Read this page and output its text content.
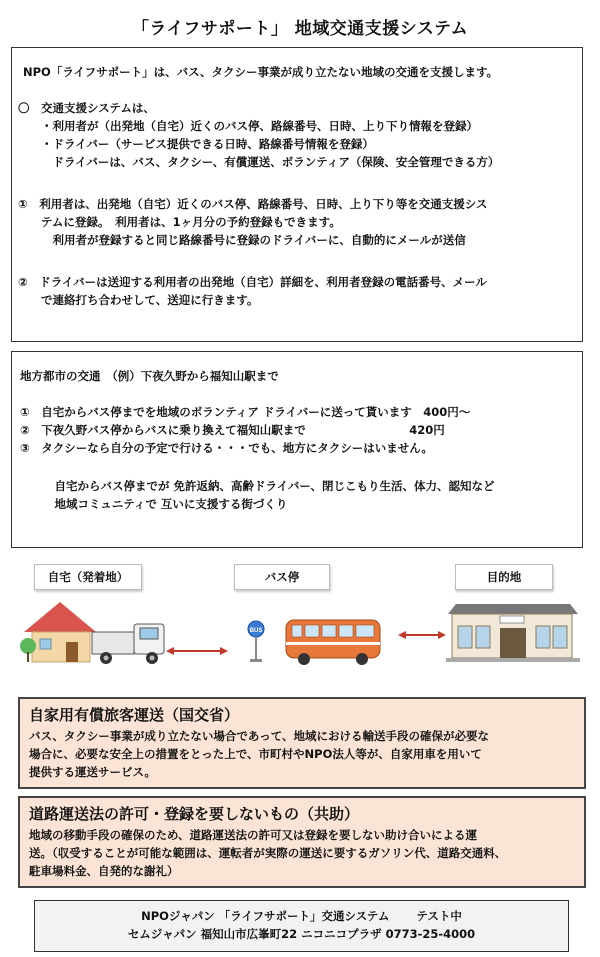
「ライフサポート」 地域交通支援システム
NPO「ライフサポート」は、バス、タクシー事業が成り立たない地域の交通を支援します。
〇　交通支援システムは、
　　・利用者が（出発地（自宅）近くのバス停、路線番号、日時、上り下り情報を登録）
　　・ドライバー（サービス提供できる日時、路線番号情報を登録）
　　　ドライバーは、バス、タクシー、有償運送、ボランティア（保険、安全管理できる方）
①　利用者は、出発地（自宅）近くのバス停、路線番号、日時、上り下り等を交通支援シス
　　テムに登録。　利用者は、1ヶ月分の予約登録もできます。
　　　利用者が登録すると同じ路線番号に登録のドライバーに、自動的にメールが送信
②　ドライバーは送迎する利用者の出発地（自宅）詳細を、利用者登録の電話番号、メール
　　で連絡打ち合わせして、送迎に行きます。
地方都市の交通　（例）下夜久野から福知山駅まで
①　自宅からバス停までを地域のボランティア ドライバーに送って貰います　400円～
②　下夜久野バス停からバスに乗り換えて福知山駅まで　　　　　　　　　420円
③　タクシーなら自分の予定で行ける・・・でも、地方にタクシーはいません。
　　　自宅からバス停までが 免許返納、高齢ドライバー、閉じこもり生活、体力、認知など
　　　地域コミュニティで 互いに支援する街づくり
自宅（発着地）	バス停	目的地
BUS
自家用有償旅客運送（国交省）
バス、タクシー事業が成り立たない場合であって、地域における輸送手段の確保が必要な
場合に、必要な安全上の措置をとった上で、市町村やNPO法人等が、自家用車を用いて
提供する運送サービス。
道路運送法の許可・登録を要しないもの（共助）
地域の移動手段の確保のため、道路運送法の許可又は登録を要しない助け合いによる運
送。（収受することが可能な範囲は、運転者が実際の運送に要するガソリン代、道路交通料、
駐車場料金、自発的な謝礼）
NPOジャパン 「ライフサポート」交通システム　　 テスト中
セムジャパン 福知山市広峯町22 ニコニコプラザ 0773-25-4000
